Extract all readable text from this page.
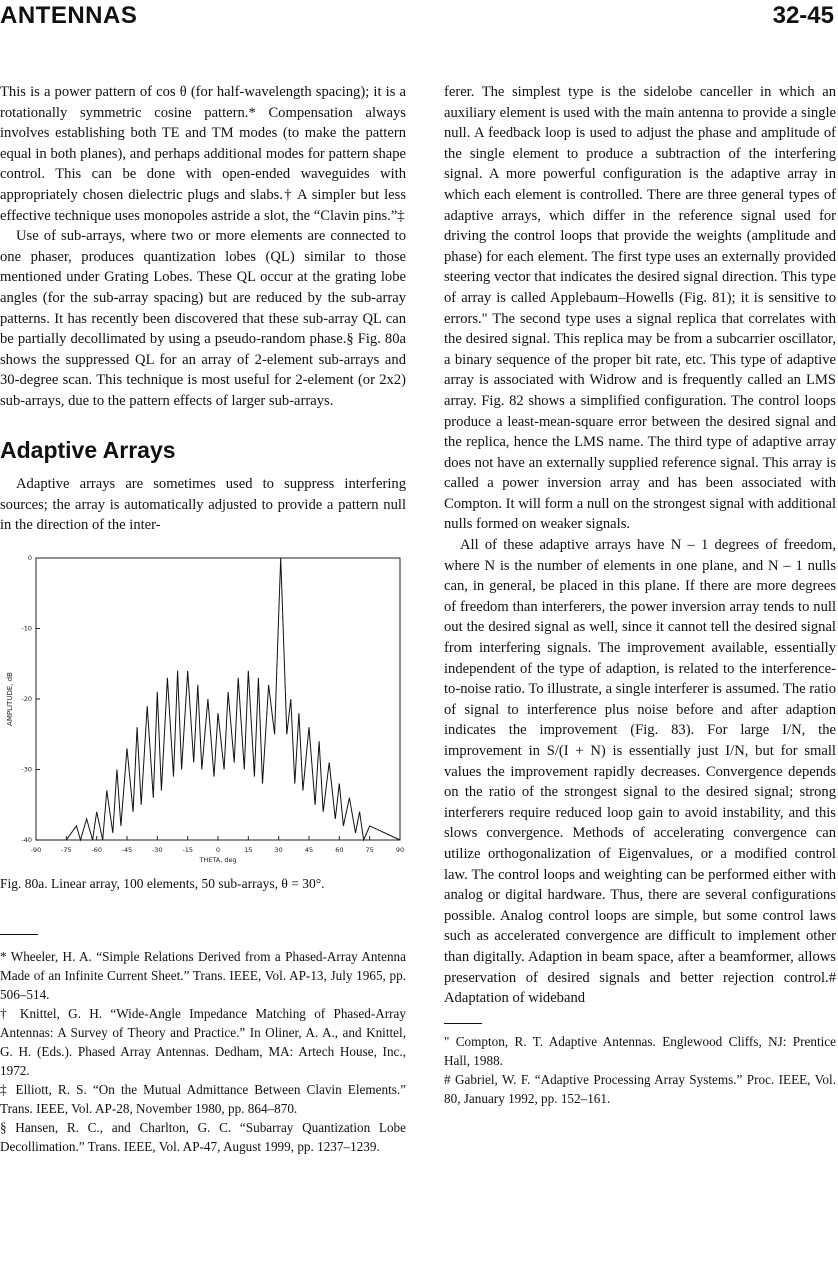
ANTENNAS	32-45

This is a power pattern of cos θ (for half-wavelength spacing); it is a rotationally symmetric cosine pattern.* Compensation always involves establishing both TE and TM modes (to make the pattern equal in both planes), and perhaps additional modes for pattern shape control. This can be done with open-ended waveguides with appropriately chosen dielectric plugs and slabs.† A simpler but less effective technique uses monopoles astride a slot, the “Clavin pins.”‡

Use of sub-arrays, where two or more elements are connected to one phaser, produces quantization lobes (QL) similar to those mentioned under Grating Lobes. These QL occur at the grating lobe angles (for the sub-array spacing) but are reduced by the sub-array patterns. It has recently been discovered that these sub-array QL can be partially decollimated by using a pseudo-random phase.§ Fig. 80a shows the suppressed QL for an array of 2-element sub-arrays and 30-degree scan. This technique is most useful for 2-element (or 2x2) sub-arrays, due to the pattern effects of larger sub-arrays.

Adaptive Arrays

Adaptive arrays are sometimes used to suppress interfering sources; the array is automatically adjusted to provide a pattern null in the direction of the inter-

-90	-75	-60	-45	-30	-15	0	15	30	45	60	75	90
0
-10
-20
-30
-40
THETA, deg
AMPLITUDE, dB
Fig. 80a. Linear array, 100 elements, 50 sub-arrays, θ = 30°.

* Wheeler, H. A. “Simple Relations Derived from a Phased-Array Antenna Made of an Infinite Current Sheet.” Trans. IEEE, Vol. AP-13, July 1965, pp. 506–514.

† Knittel, G. H. “Wide-Angle Impedance Matching of Phased-Array Antennas: A Survey of Theory and Practice.” In Oliner, A. A., and Knittel, G. H. (Eds.). Phased Array Antennas. Dedham, MA: Artech House, Inc., 1972.

‡ Elliott, R. S. “On the Mutual Admittance Between Clavin Elements.” Trans. IEEE, Vol. AP-28, November 1980, pp. 864–870.

§ Hansen, R. C., and Charlton, G. C. “Subarray Quantization Lobe Decollimation.” Trans. IEEE, Vol. AP-47, August 1999, pp. 1237–1239.

ferer. The simplest type is the sidelobe canceller in which an auxiliary element is used with the main antenna to provide a single null. A feedback loop is used to adjust the phase and amplitude of the single element to produce a subtraction of the interfering signal. A more powerful configuration is the adaptive array in which each element is controlled. There are three general types of adaptive arrays, which differ in the reference signal used for driving the control loops that provide the weights (amplitude and phase) for each element. The first type uses an externally provided steering vector that indicates the desired signal direction. This type of array is called Applebaum–Howells (Fig. 81); it is sensitive to errors." The second type uses a signal replica that correlates with the desired signal. This replica may be from a subcarrier oscillator, a binary sequence of the proper bit rate, etc. This type of adaptive array is associated with Widrow and is frequently called an LMS array. Fig. 82 shows a simplified configuration. The control loops produce a least-mean-square error between the desired signal and the replica, hence the LMS name. The third type of adaptive array does not have an externally supplied reference signal. This array is called a power inversion array and has been associated with Compton. It will form a null on the strongest signal with additional nulls formed on weaker signals.

All of these adaptive arrays have N – 1 degrees of freedom, where N is the number of elements in one plane, and N – 1 nulls can, in general, be placed in this plane. If there are more degrees of freedom than interferers, the power inversion array tends to null out the desired signal as well, since it cannot tell the desired signal from interfering signals. The improvement available, essentially independent of the type of adaption, is related to the interference-to-noise ratio. To illustrate, a single interferer is assumed. The ratio of signal to interference plus noise before and after adaption indicates the improvement (Fig. 83). For large I/N, the improvement in S/(I + N) is essentially just I/N, but for small values the improvement rapidly decreases. Convergence depends on the ratio of the strongest signal to the desired signal; strong interferers require reduced loop gain to avoid instability, and this slows convergence. Methods of accelerating convergence can utilize orthogonalization of Eigenvalues, or a modified control law. The control loops and weighting can be performed either with analog or digital hardware. Thus, there are several configurations possible. Analog control loops are simple, but some control laws such as accelerated convergence are difficult to implement other than digitally. Adaption in beam space, after a beamformer, allows preservation of desired signals and better rejection control.# Adaptation of wideband

" Compton, R. T. Adaptive Antennas. Englewood Cliffs, NJ: Prentice Hall, 1988.

# Gabriel, W. F. “Adaptive Processing Array Systems.” Proc. IEEE, Vol. 80, January 1992, pp. 152–161.
